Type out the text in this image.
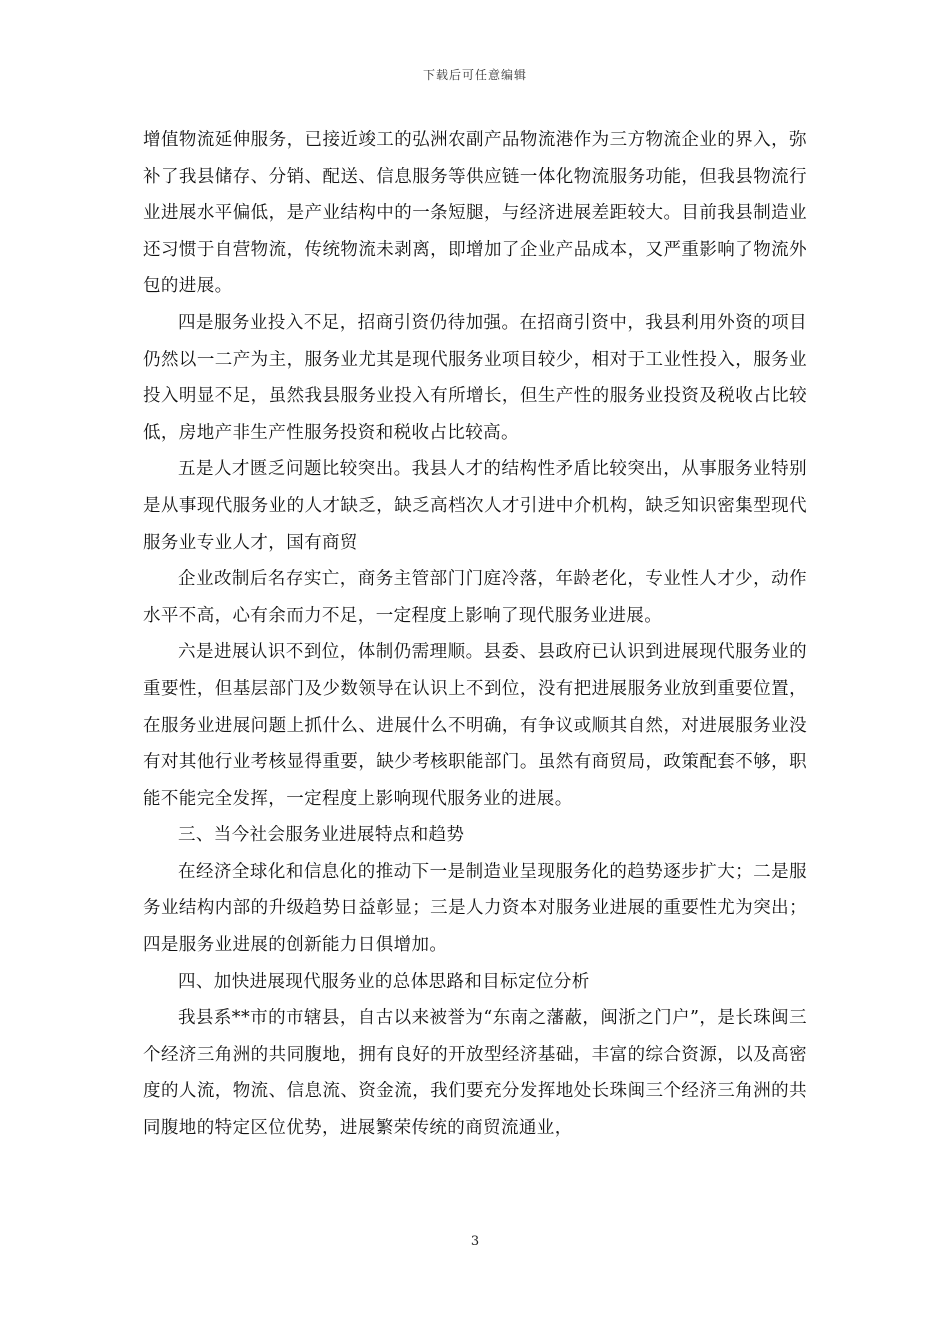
下载后可任意编辑

增值物流延伸服务，已接近竣工的弘洲农副产品物流港作为三方物流企业的界入，弥补了我县储存、分销、配送、信息服务等供应链一体化物流服务功能，但我县物流行业进展水平偏低，是产业结构中的一条短腿，与经济进展差距较大。目前我县制造业还习惯于自营物流，传统物流未剥离，即增加了企业产品成本，又严重影响了物流外包的进展。

四是服务业投入不足，招商引资仍待加强。在招商引资中，我县利用外资的项目仍然以一二产为主，服务业尤其是现代服务业项目较少，相对于工业性投入，服务业投入明显不足，虽然我县服务业投入有所增长，但生产性的服务业投资及税收占比较低，房地产非生产性服务投资和税收占比较高。

五是人才匮乏问题比较突出。我县人才的结构性矛盾比较突出，从事服务业特别是从事现代服务业的人才缺乏，缺乏高档次人才引进中介机构，缺乏知识密集型现代服务业专业人才，国有商贸

企业改制后名存实亡，商务主管部门门庭冷落，年龄老化，专业性人才少，动作水平不高，心有余而力不足，一定程度上影响了现代服务业进展。

六是进展认识不到位，体制仍需理顺。县委、县政府已认识到进展现代服务业的重要性，但基层部门及少数领导在认识上不到位，没有把进展服务业放到重要位置，在服务业进展问题上抓什么、进展什么不明确，有争议或顺其自然，对进展服务业没有对其他行业考核显得重要，缺少考核职能部门。虽然有商贸局，政策配套不够，职能不能完全发挥，一定程度上影响现代服务业的进展。

三、当今社会服务业进展特点和趋势

在经济全球化和信息化的推动下一是制造业呈现服务化的趋势逐步扩大；二是服务业结构内部的升级趋势日益彰显；三是人力资本对服务业进展的重要性尤为突出；四是服务业进展的创新能力日俱增加。

四、加快进展现代服务业的总体思路和目标定位分析

我县系**市的市辖县，自古以来被誉为“东南之藩蔽，闽浙之门户”，是长珠闽三个经济三角洲的共同腹地，拥有良好的开放型经济基础，丰富的综合资源，以及高密度的人流，物流、信息流、资金流，我们要充分发挥地处长珠闽三个经济三角洲的共同腹地的特定区位优势，进展繁荣传统的商贸流通业，

3
